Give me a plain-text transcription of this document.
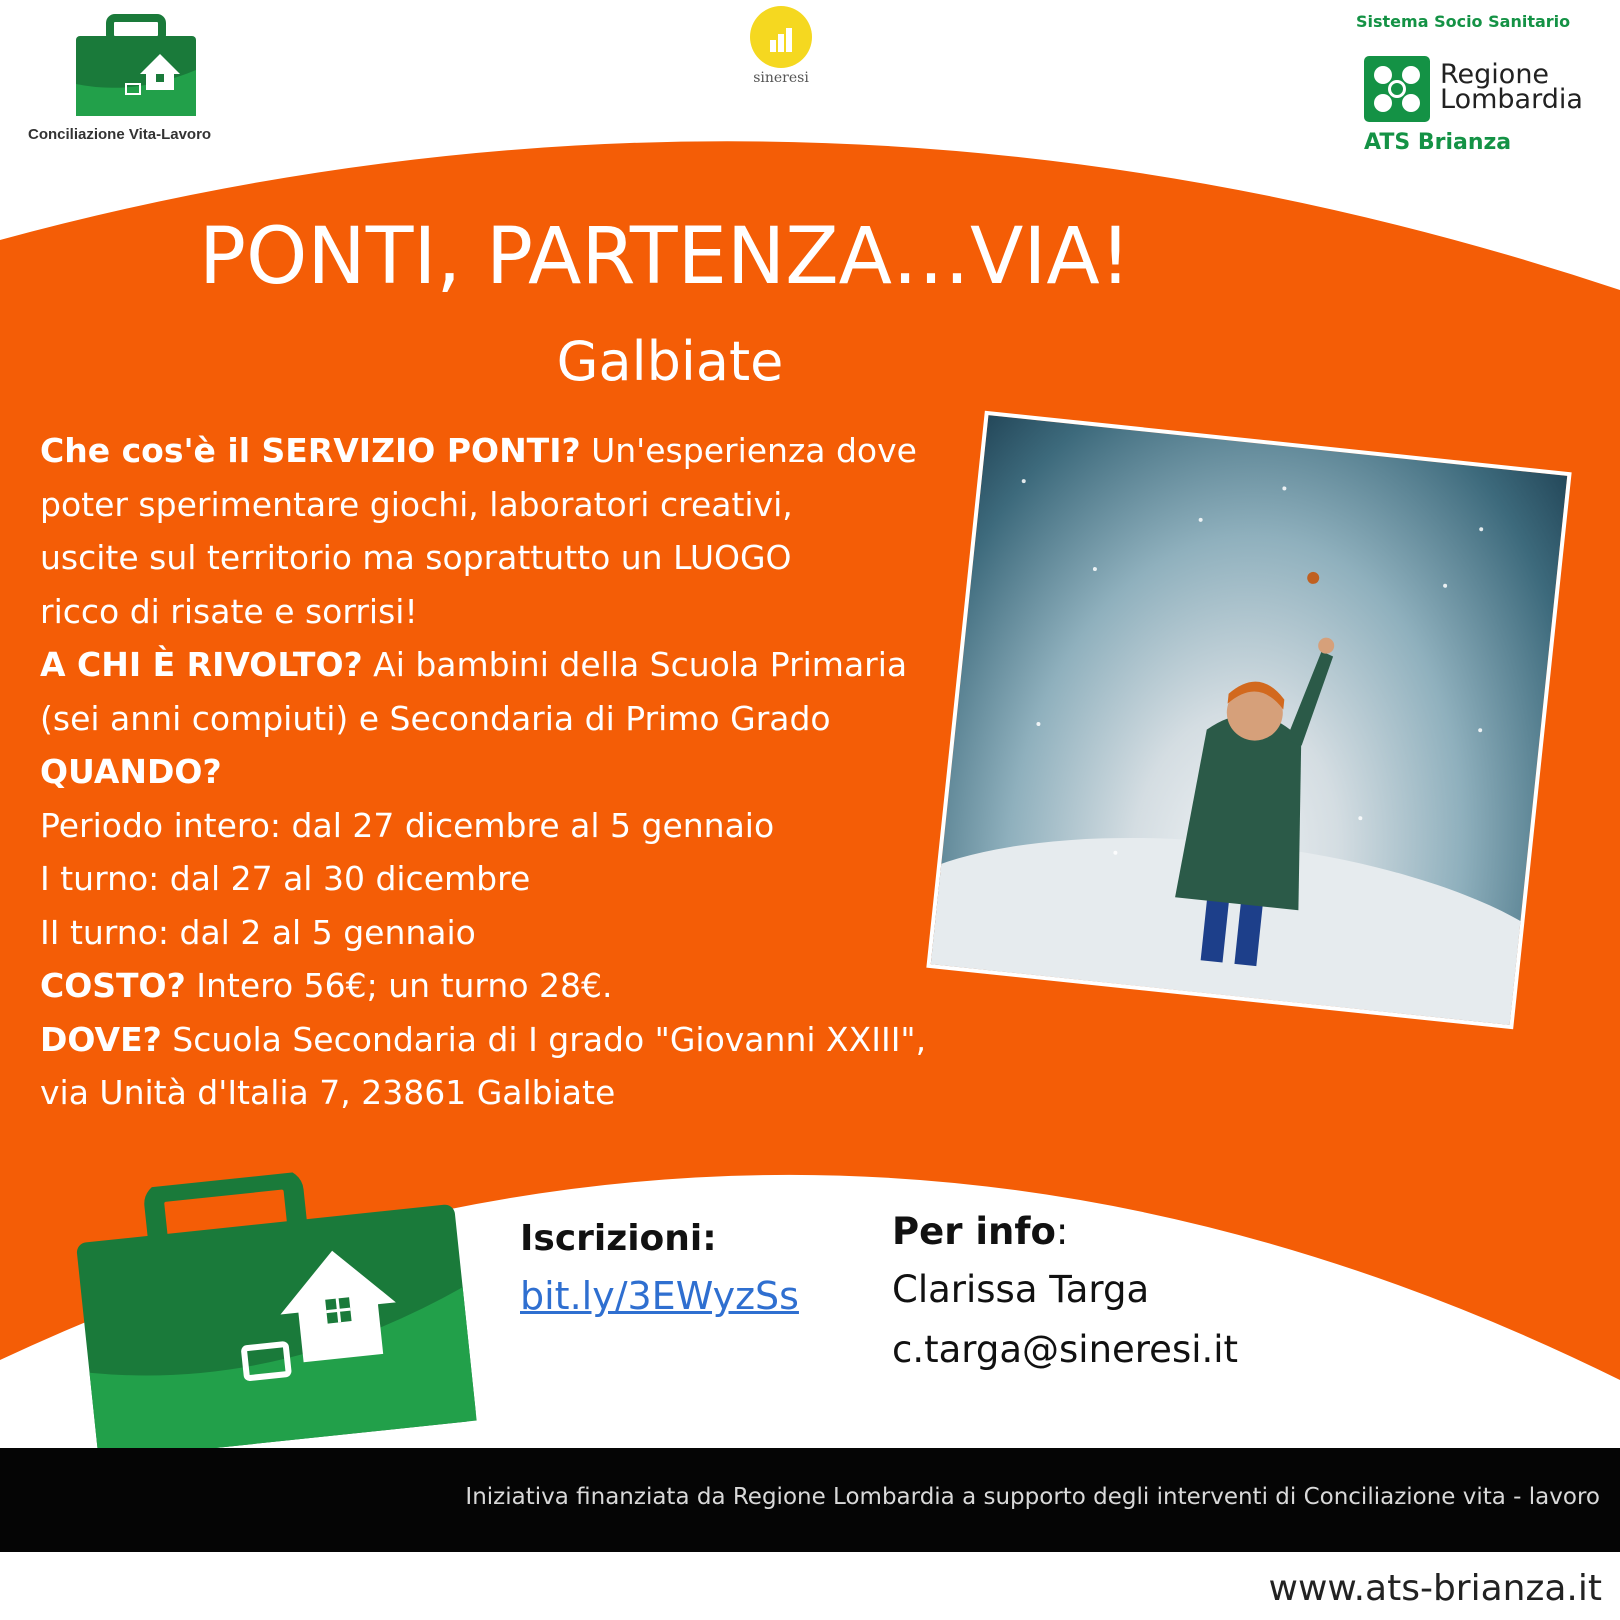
Conciliazione Vita-Lavoro
sineresi
Sistema Socio Sanitario
Regione
Lombardia
ATS Brianza
PONTI, PARTENZA…VIA!
Galbiate

Che cos'è il SERVIZIO PONTI? Un'esperienza dove

poter sperimentare giochi, laboratori creativi,

uscite sul territorio ma soprattutto un LUOGO

ricco di risate e sorrisi!

A CHI È RIVOLTO? Ai bambini della Scuola Primaria

(sei anni compiuti) e Secondaria di Primo Grado

QUANDO?

Periodo intero: dal 27 dicembre al 5 gennaio

I turno: dal 27 al 30 dicembre

II turno: dal 2 al 5 gennaio

COSTO? Intero 56€; un turno 28€.

DOVE? Scuola Secondaria di I grado "Giovanni XXIII",

via Unità d'Italia 7, 23861 Galbiate

Iscrizioni:
bit.ly/3EWyzSs
Per info:
Clarissa Targa
c.targa@sineresi.it
Iniziativa finanziata da Regione Lombardia a supporto degli interventi di Conciliazione vita - lavoro
www.ats-brianza.it
